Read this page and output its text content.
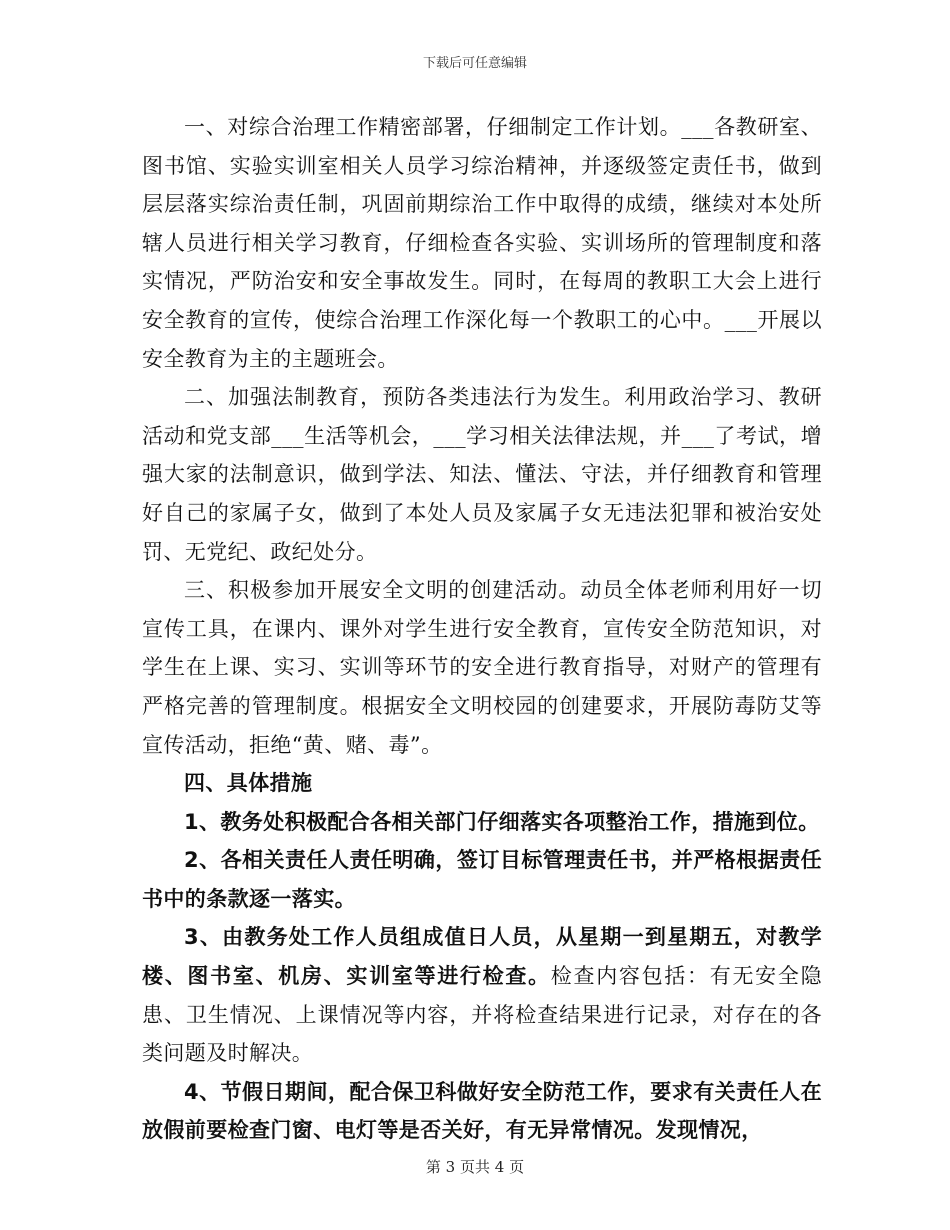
下载后可任意编辑

一、对综合治理工作精密部署，仔细制定工作计划。___各教研室、图书馆、实验实训室相关人员学习综治精神，并逐级签定责任书，做到层层落实综治责任制，巩固前期综治工作中取得的成绩，继续对本处所辖人员进行相关学习教育，仔细检查各实验、实训场所的管理制度和落实情况，严防治安和安全事故发生。同时，在每周的教职工大会上进行安全教育的宣传，使综合治理工作深化每一个教职工的心中。___开展以安全教育为主的主题班会。

二、加强法制教育，预防各类违法行为发生。利用政治学习、教研活动和党支部___生活等机会，___学习相关法律法规，并___了考试，增强大家的法制意识，做到学法、知法、懂法、守法，并仔细教育和管理好自己的家属子女，做到了本处人员及家属子女无违法犯罪和被治安处罚、无党纪、政纪处分。

三、积极参加开展安全文明的创建活动。动员全体老师利用好一切宣传工具，在课内、课外对学生进行安全教育，宣传安全防范知识，对学生在上课、实习、实训等环节的安全进行教育指导，对财产的管理有严格完善的管理制度。根据安全文明校园的创建要求，开展防毒防艾等宣传活动，拒绝“黄、赌、毒”。

四、具体措施

1、教务处积极配合各相关部门仔细落实各项整治工作，措施到位。

2、各相关责任人责任明确，签订目标管理责任书，并严格根据责任书中的条款逐一落实。

3、由教务处工作人员组成值日人员，从星期一到星期五，对教学楼、图书室、机房、实训室等进行检查。检查内容包括：有无安全隐患、卫生情况、上课情况等内容，并将检查结果进行记录，对存在的各类问题及时解决。

4、节假日期间，配合保卫科做好安全防范工作，要求有关责任人在放假前要检查门窗、电灯等是否关好，有无异常情况。发现情况，

第 3 页共 4 页
